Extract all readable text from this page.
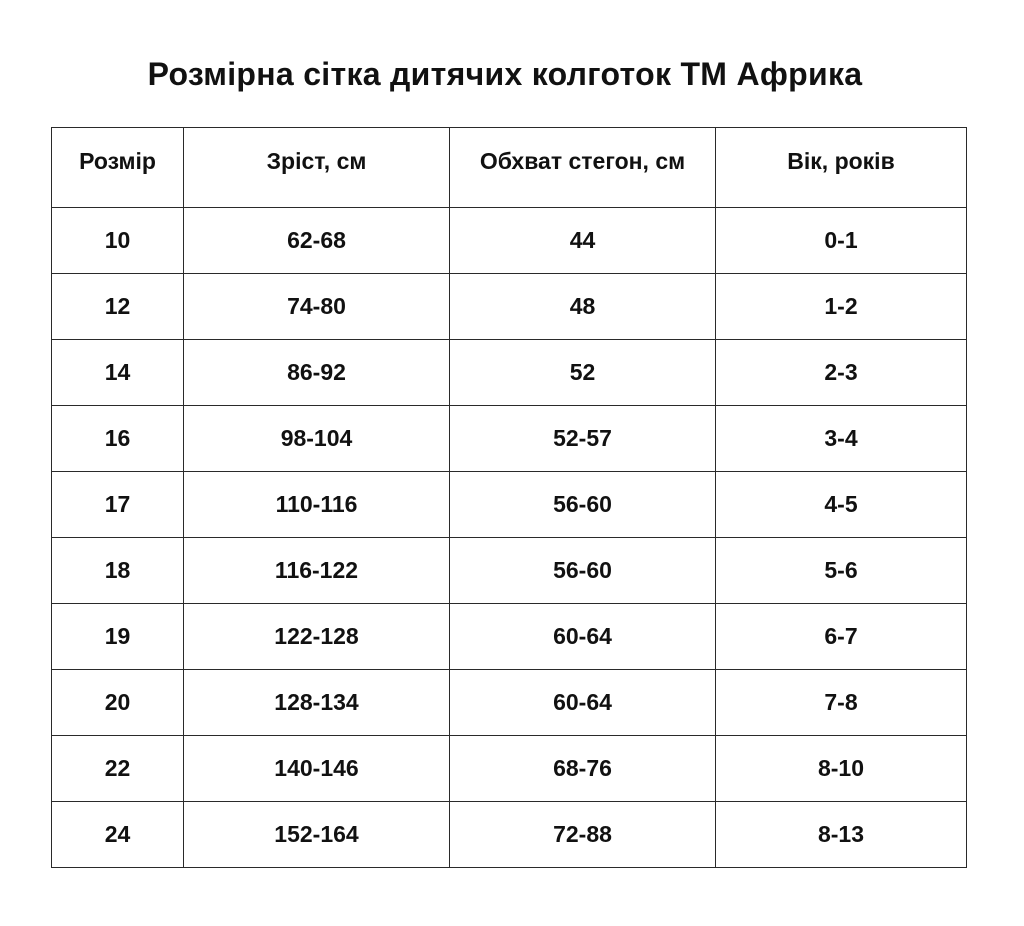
Розмірна сітка дитячих колготок ТМ Африка
Розмір	Зріст, см	Обхват стегон, см	Вік, років
10	62-68	44	0-1
12	74-80	48	1-2
14	86-92	52	2-3
16	98-104	52-57	3-4
17	110-116	56-60	4-5
18	116-122	56-60	5-6
19	122-128	60-64	6-7
20	128-134	60-64	7-8
22	140-146	68-76	8-10
24	152-164	72-88	8-13
